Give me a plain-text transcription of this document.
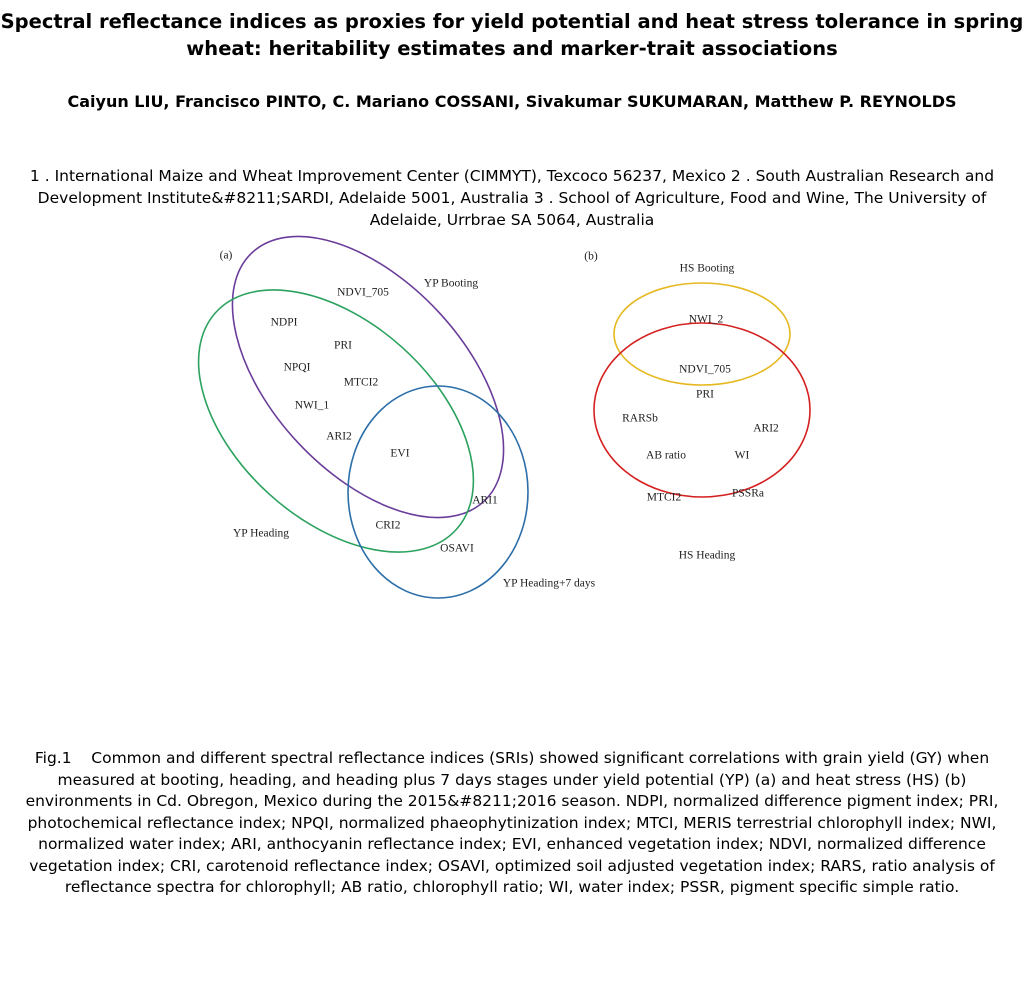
Spectral reflectance indices as proxies for yield potential and heat stress tolerance in spring wheat: heritability estimates and marker-trait associations
Caiyun LIU, Francisco PINTO, C. Mariano COSSANI, Sivakumar SUKUMARAN, Matthew P. REYNOLDS
1 . International Maize and Wheat Improvement Center (CIMMYT), Texcoco 56237, Mexico 2 . South Australian Research and Development Institute&#8211;SARDI, Adelaide 5001, Australia 3 . School of Agriculture, Food and Wine, The University of Adelaide, Urrbrae SA 5064, Australia
(a)
YP Booting
YP Heading
YP Heading+7 days
NDVI_705
NDPI
PRI
NPQI
MTCI2
NWI_1
ARI2
EVI
ARI1
CRI2
OSAVI
(b)
HS Booting
HS Heading
NWI_2
NDVI_705
PRI
RARSb
ARI2
AB ratio	WI
MTCI2	PSSRa
Fig.1    Common and different spectral reflectance indices (SRIs) showed significant correlations with grain yield (GY) when measured at booting, heading, and heading plus 7 days stages under yield potential (YP) (a) and heat stress (HS) (b) environments in Cd. Obregon, Mexico during the 2015&#8211;2016 season. NDPI, normalized difference pigment index; PRI, photochemical reflectance index; NPQI, normalized phaeophytinization index; MTCI, MERIS terrestrial chlorophyll index; NWI, normalized water index; ARI, anthocyanin reflectance index; EVI, enhanced vegetation index; NDVI, normalized difference vegetation index; CRI, carotenoid reflectance index; OSAVI, optimized soil adjusted vegetation index; RARS, ratio analysis of reflectance spectra for chlorophyll; AB ratio, chlorophyll ratio; WI, water index; PSSR, pigment specific simple ratio.
